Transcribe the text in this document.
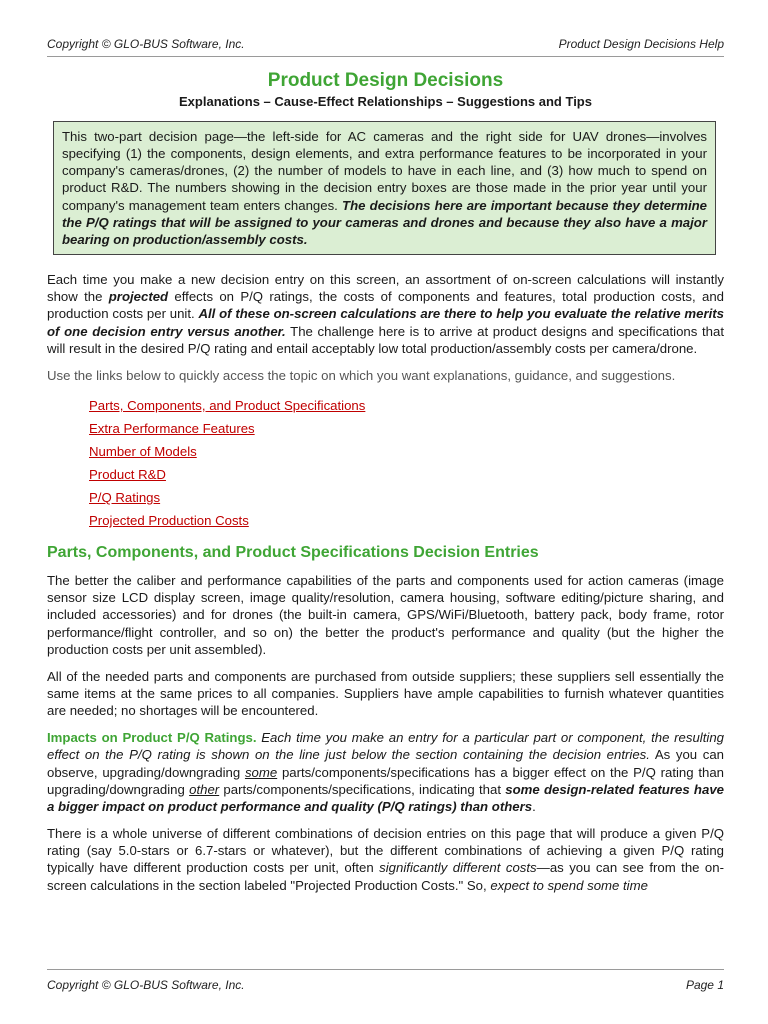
Copyright © GLO-BUS Software, Inc.	Product Design Decisions Help
Product Design Decisions
Explanations – Cause-Effect Relationships – Suggestions and Tips
This two-part decision page—the left-side for AC cameras and the right side for UAV drones—involves specifying (1) the components, design elements, and extra performance features to be incorporated in your company's cameras/drones, (2) the number of models to have in each line, and (3) how much to spend on product R&D. The numbers showing in the decision entry boxes are those made in the prior year until your company's management team enters changes. The decisions here are important because they determine the P/Q ratings that will be assigned to your cameras and drones and because they also have a major bearing on production/assembly costs.

Each time you make a new decision entry on this screen, an assortment of on-screen calculations will instantly show the projected effects on P/Q ratings, the costs of components and features, total production costs, and production costs per unit. All of these on-screen calculations are there to help you evaluate the relative merits of one decision entry versus another. The challenge here is to arrive at product designs and specifications that will result in the desired P/Q rating and entail acceptably low total production/assembly costs per camera/drone.

Use the links below to quickly access the topic on which you want explanations, guidance, and suggestions.

Parts, Components, and Product Specifications
Extra Performance Features
Number of Models
Product R&D
P/Q Ratings
Projected Production Costs
Parts, Components, and Product Specifications Decision Entries

The better the caliber and performance capabilities of the parts and components used for action cameras (image sensor size LCD display screen, image quality/resolution, camera housing, software editing/picture sharing, and included accessories) and for drones (the built-in camera, GPS/WiFi/Bluetooth, battery pack, body frame, rotor performance/flight controller, and so on) the better the product's performance and quality (but the higher the production costs per unit assembled).

All of the needed parts and components are purchased from outside suppliers; these suppliers sell essentially the same items at the same prices to all companies. Suppliers have ample capabilities to furnish whatever quantities are needed; no shortages will be encountered.

Impacts on Product P/Q Ratings. Each time you make an entry for a particular part or component, the resulting effect on the P/Q rating is shown on the line just below the section containing the decision entries. As you can observe, upgrading/downgrading some parts/components/specifications has a bigger effect on the P/Q rating than upgrading/downgrading other parts/components/specifications, indicating that some design-related features have a bigger impact on product performance and quality (P/Q ratings) than others.

There is a whole universe of different combinations of decision entries on this page that will produce a given P/Q rating (say 5.0-stars or 6.7-stars or whatever), but the different combinations of achieving a given P/Q rating typically have different production costs per unit, often significantly different costs—as you can see from the on-screen calculations in the section labeled "Projected Production Costs." So, expect to spend some time

Copyright © GLO-BUS Software, Inc.	Page 1
